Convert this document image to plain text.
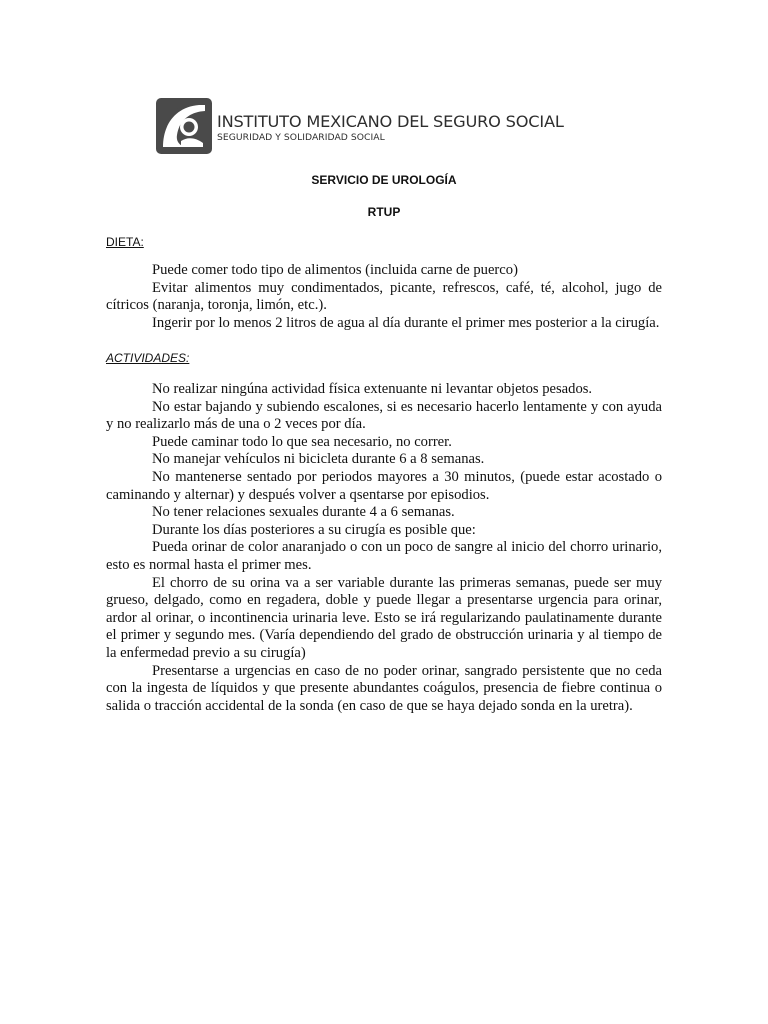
INSTITUTO MEXICANO DEL SEGURO SOCIAL
SEGURIDAD Y SOLIDARIDAD SOCIAL
SERVICIO DE UROLOGÍA
RTUP
DIETA:

Puede comer todo tipo de alimentos (incluida carne de puerco)

Evitar alimentos muy condimentados, picante, refrescos, café, té, alcohol, jugo de cítricos (naranja, toronja, limón, etc.).

Ingerir por lo menos 2 litros de agua al día durante el primer mes posterior a la cirugía.

ACTIVIDADES:

No realizar ningúna actividad física extenuante ni levantar objetos pesados.

No estar bajando y subiendo escalones, si es necesario hacerlo lentamente y con ayuda y no realizarlo más de una o 2 veces por día.

Puede caminar todo lo que sea necesario, no correr.

No manejar vehículos ni bicicleta durante 6 a 8 semanas.

No mantenerse sentado por periodos mayores a 30 minutos, (puede estar acostado o caminando y alternar) y después volver a qsentarse por episodios.

No tener relaciones sexuales durante 4 a 6 semanas.

Durante los días posteriores a su cirugía es posible que:

Pueda orinar de color anaranjado o con un poco de sangre al inicio del chorro urinario, esto es normal hasta el primer mes.

El chorro de su orina va a ser variable durante las primeras semanas, puede ser muy grueso, delgado, como en regadera, doble y puede llegar a presentarse urgencia para orinar, ardor al orinar, o incontinencia urinaria leve. Esto se irá regularizando paulatinamente durante el primer y segundo mes. (Varía dependiendo del grado de obstrucción urinaria y al tiempo de la enfermedad previo a su cirugía)

Presentarse a urgencias en caso de no poder orinar, sangrado persistente que no ceda con la ingesta de líquidos y que presente abundantes coágulos, presencia de fiebre continua o salida o tracción accidental de la sonda (en caso de que se haya dejado sonda en la uretra).
